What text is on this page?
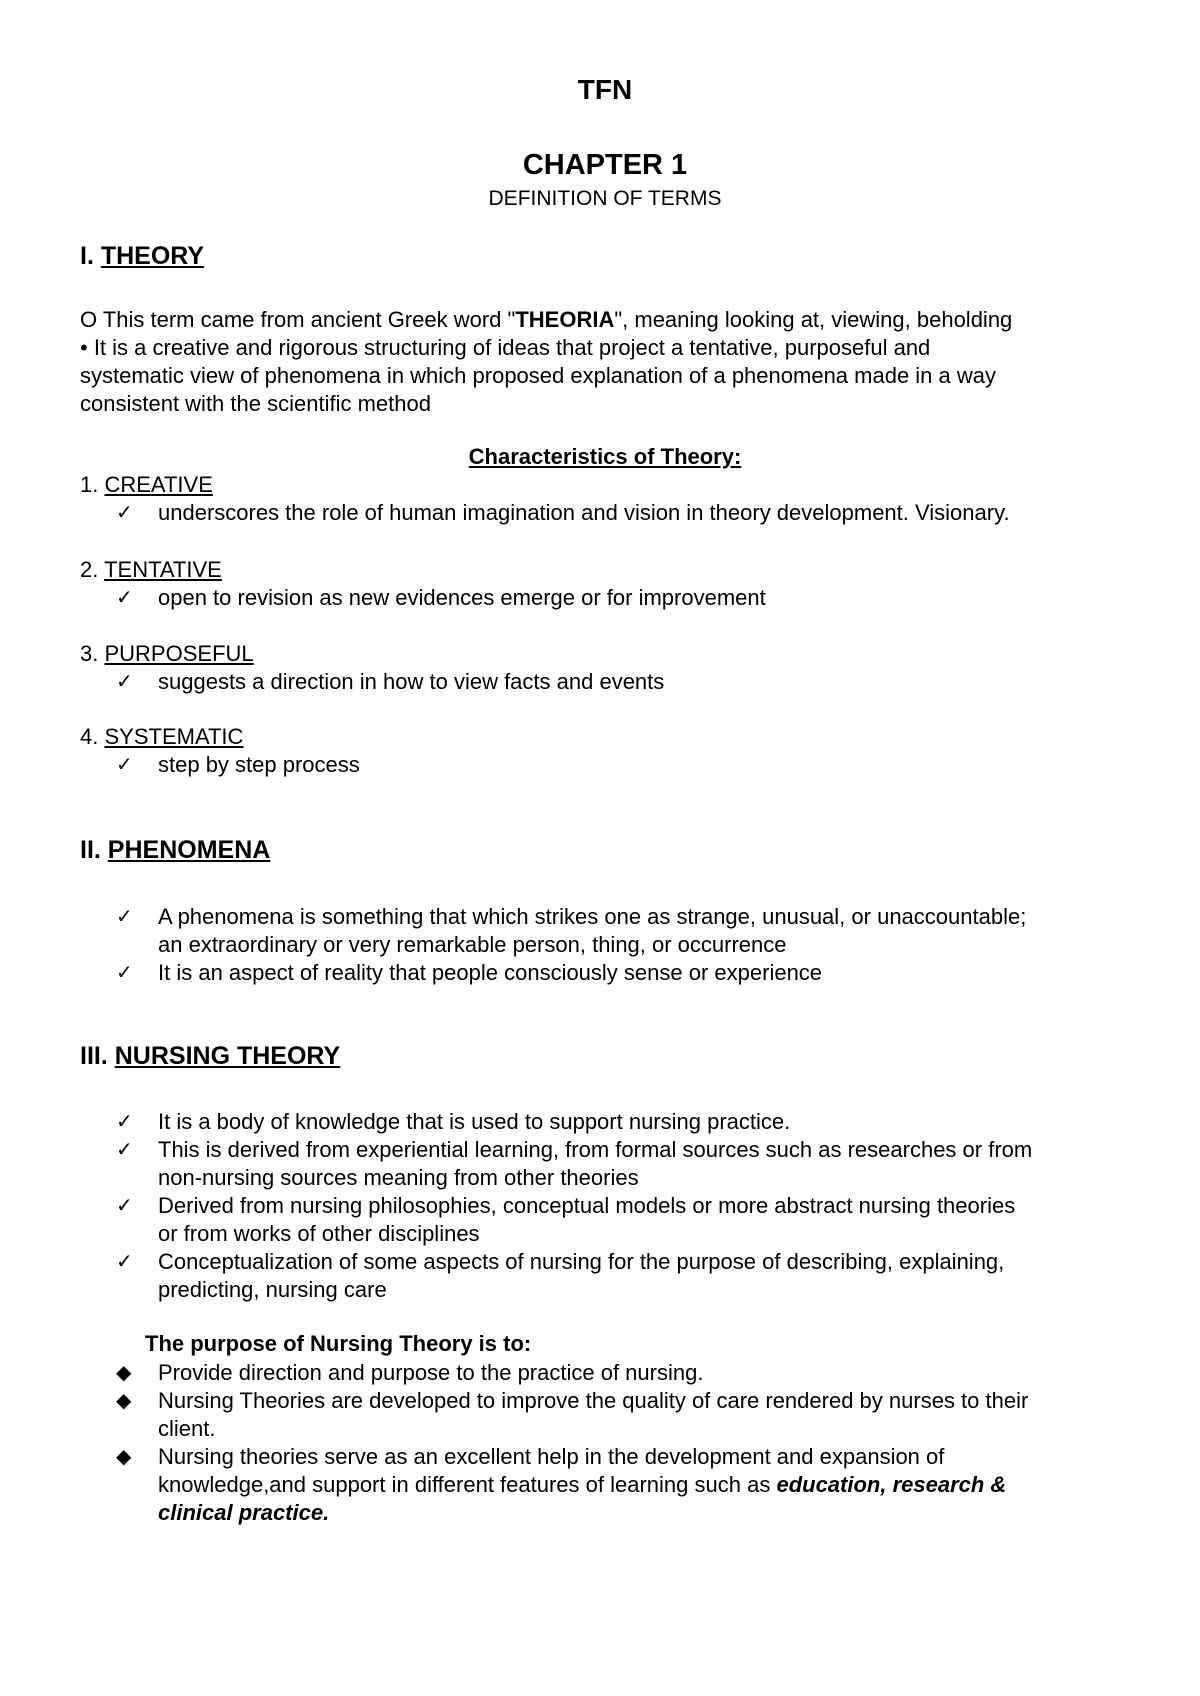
TFN
CHAPTER 1
DEFINITION OF TERMS
I. THEORY
O This term came from ancient Greek word "THEORIA", meaning looking at, viewing, beholding
• It is a creative and rigorous structuring of ideas that project a tentative, purposeful and
systematic view of phenomena in which proposed explanation of a phenomena made in a way
consistent with the scientific method
Characteristics of Theory:
1. CREATIVE
✓ underscores the role of human imagination and vision in theory development. Visionary.
2. TENTATIVE
✓ open to revision as new evidences emerge or for improvement
3. PURPOSEFUL
✓ suggests a direction in how to view facts and events
4. SYSTEMATIC
✓ step by step process
II. PHENOMENA
✓ A phenomena is something that which strikes one as strange, unusual, or unaccountable;
an extraordinary or very remarkable person, thing, or occurrence
✓ It is an aspect of reality that people consciously sense or experience
III. NURSING THEORY
✓ It is a body of knowledge that is used to support nursing practice.
✓ This is derived from experiential learning, from formal sources such as researches or from
non-nursing sources meaning from other theories
✓ Derived from nursing philosophies, conceptual models or more abstract nursing theories
or from works of other disciplines
✓ Conceptualization of some aspects of nursing for the purpose of describing, explaining,
predicting, nursing care
The purpose of Nursing Theory is to:
◆ Provide direction and purpose to the practice of nursing.
◆ Nursing Theories are developed to improve the quality of care rendered by nurses to their
client.
◆ Nursing theories serve as an excellent help in the development and expansion of
knowledge,and support in different features of learning such as education, research &
clinical practice.
